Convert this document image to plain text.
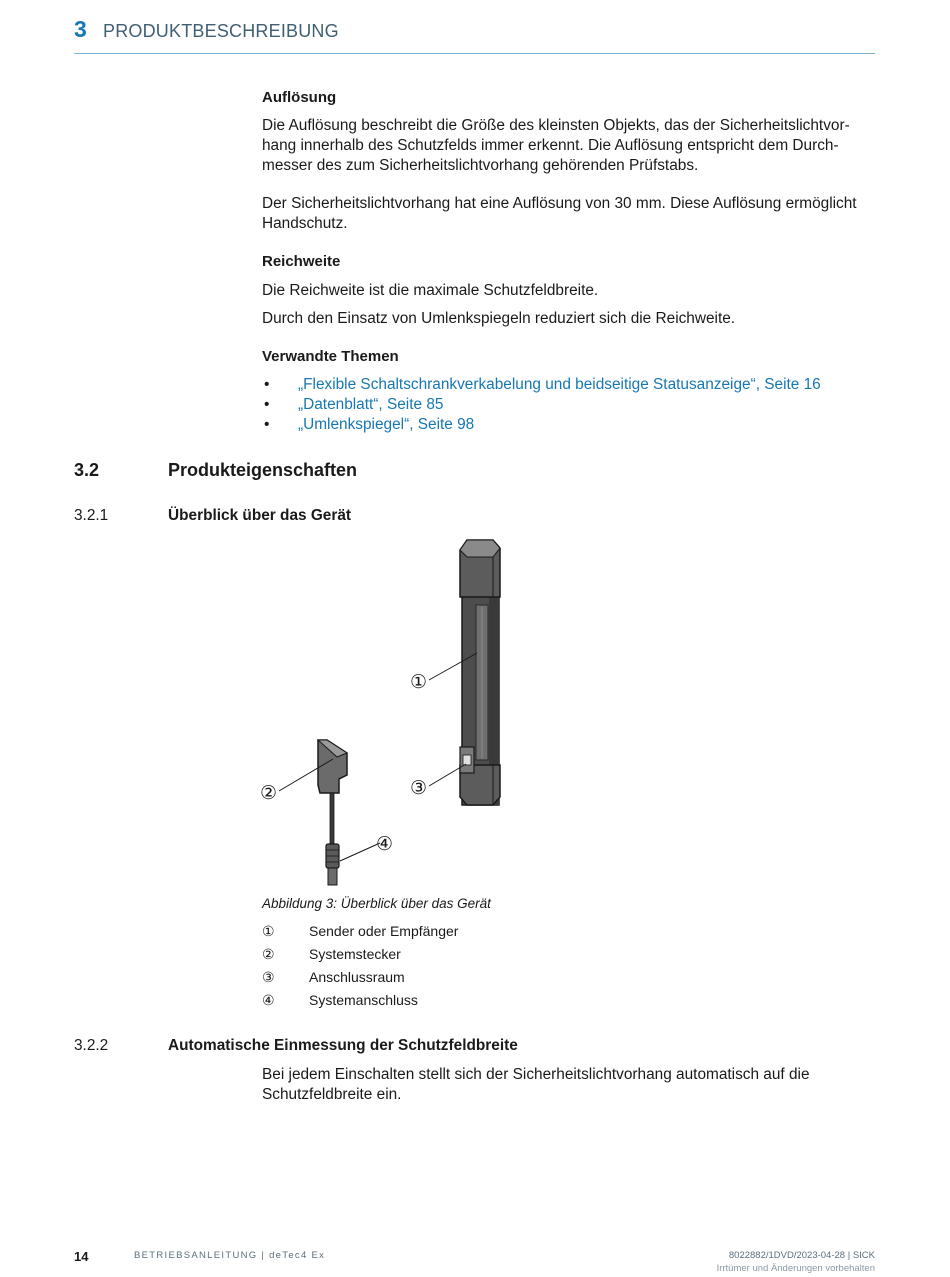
3 PRODUKTBESCHREIBUNG
Auflösung
Die Auflösung beschreibt die Größe des kleinsten Objekts, das der Sicherheitslichtvor-
hang innerhalb des Schutzfelds immer erkennt. Die Auflösung entspricht dem Durch-
messer des zum Sicherheitslichtvorhang gehörenden Prüfstabs.
Der Sicherheitslichtvorhang hat eine Auflösung von 30 mm. Diese Auflösung ermöglicht
Handschutz.
Reichweite
Die Reichweite ist die maximale Schutzfeldbreite.
Durch den Einsatz von Umlenkspiegeln reduziert sich die Reichweite.
Verwandte Themen
• „Flexible Schaltschrankverkabelung und beidseitige Statusanzeige“, Seite 16
• „Datenblatt“, Seite 85
• „Umlenkspiegel“, Seite 98
3.2	Produkteigenschaften
3.2.1	Überblick über das Gerät
①
②	③
④
Abbildung 3: Überblick über das Gerät
①	Sender oder Empfänger
②	Systemstecker
③	Anschlussraum
④	Systemanschluss
3.2.2	Automatische Einmessung der Schutzfeldbreite
Bei jedem Einschalten stellt sich der Sicherheitslichtvorhang automatisch auf die
Schutzfeldbreite ein.
14	BETRIEBSANLEITUNG | deTec4 Ex	8022882/1DVD/2023-04-28 | SICK
Irrtümer und Änderungen vorbehalten
